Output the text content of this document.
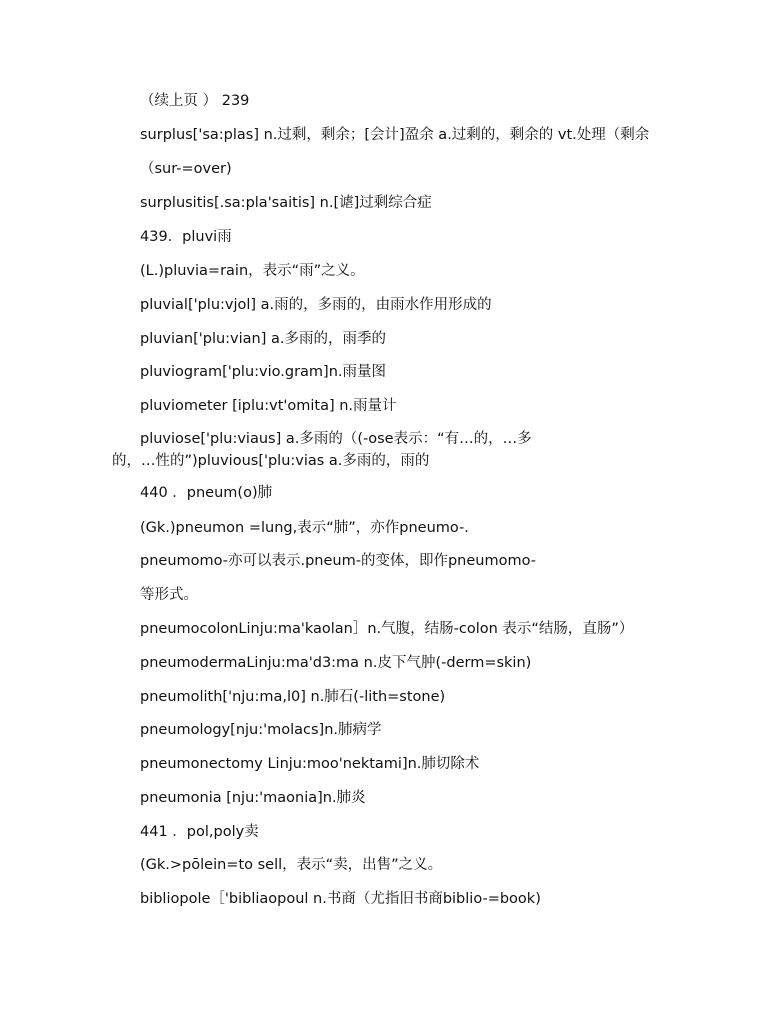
（续上页 ） 239
surplus['sa:plas] n.过剩，剩余；[会计]盈余 a.过剩的，剩余的 vt.处理（剩余
（sur-=over)
surplusitis[.sa:pla'saitis] n.[谑]过剩综合症
439．pluvi雨
(L.)pluvia=rain，表示“雨”之义。
pluvial['plu:vjol] a.雨的，多雨的，由雨水作用形成的
pluvian['plu:vian] a.多雨的，雨季的
pluviogram['plu:vio.gram]n.雨量图
pluviometer [iplu:vt'omita] n.雨量计
pluviose['plu:viaus] a.多雨的（(-ose表示：“有…的，…多的，…性的”)pluvious['plu:vias a.多雨的，雨的
440 ．pneum(o)肺
(Gk.)pneumon =lung,表示“肺”，亦作pneumo-.
pneumomo-亦可以表示.pneum-的变体，即作pneumomo-
等形式。
pneumocolonLinju:ma'kaolan］n.气腹，结肠-colon 表示“结肠，直肠”）
pneumodermaLinju:ma'd3:ma n.皮下气肿(-derm=skin)
pneumolith['nju:ma,l0] n.肺石(-lith=stone)
pneumology[nju:'molacs]n.肺病学
pneumonectomy Linju:moo'nektami]n.肺切除术
pneumonia [nju:'maonia]n.肺炎
441 ．pol,poly卖
(Gk.>pōlein=to sell，表示“卖，出售”之义。
bibliopole［'bibliaopoul n.书商（尤指旧书商biblio-=book)
